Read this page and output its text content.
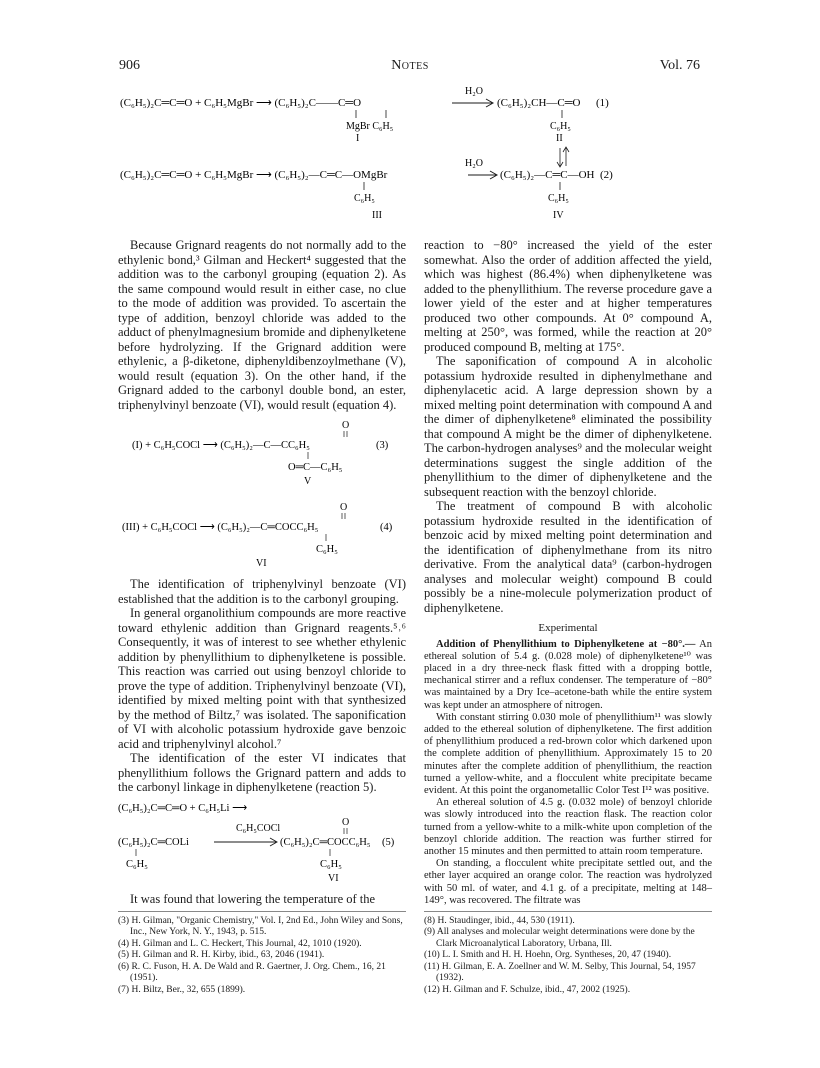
906	Notes	Vol. 76
(C₆H₅)₂C═C═O + C₆H₅MgBr ⟶ (C₆H₅)₂C——C═O
H₂O
(C₆H₅)₂CH—C═O (1)
MgBr C₆H₅
I
C₆H₅
II
H₂O
(C₆H₅)₂C═C═O + C₆H₅MgBr ⟶ (C₆H₅)₂—C═C—OMgBr	(C₆H₅)₂—C═C—OH (2)
C₆H₅
III
C₆H₅
IV

Because Grignard reagents do not normally add to the ethylenic bond,³ Gilman and Heckert⁴ suggested that the addition was to the carbonyl grouping (equation 2). As the same compound would result in either case, no clue to the mode of addition was provided. To ascertain the type of addition, benzoyl chloride was added to the adduct of phenylmagnesium bromide and diphenylketene before hydrolyzing. If the Grignard addition were ethylenic, a β-diketone, diphenyldibenzoylmethane (V), would result (equation 3). On the other hand, if the Grignard added to the carbonyl double bond, an ester, triphenylvinyl benzoate (VI), would result (equation 4).

O
(I) + C₆H₅COCl ⟶ (C₆H₅)₂—C—CC₆H₅	(3)
O═C—C₆H₅
V
O
(III) + C₆H₅COCl ⟶ (C₆H₅)₂—C═COCC₆H₅	(4)
C₆H₅
VI

The identification of triphenylvinyl benzoate (VI) established that the addition is to the carbonyl grouping.

In general organolithium compounds are more reactive toward ethylenic addition than Grignard reagents.⁵˒⁶ Consequently, it was of interest to see whether ethylenic addition by phenyllithium to diphenylketene is possible. This reaction was carried out using benzoyl chloride to prove the type of addition. Triphenylvinyl benzoate (VI), identified by mixed melting point with that synthesized by the method of Biltz,⁷ was isolated. The saponification of VI with alcoholic potassium hydroxide gave benzoic acid and triphenylvinyl alcohol.⁷

The identification of the ester VI indicates that phenyllithium follows the Grignard pattern and adds to the carbonyl linkage in diphenylketene (reaction 5).

(C₆H₅)₂C═C═O + C₆H₅Li ⟶
O
C₆H₅COCl
(C₆H₅)₂C═COLi	(C₆H₅)₂C═COCC₆H₅ (5)
C₆H₅	C₆H₅
VI

It was found that lowering the temperature of the

(3) H. Gilman, "Organic Chemistry," Vol. I, 2nd Ed., John Wiley and Sons, Inc., New York, N. Y., 1943, p. 515.

(4) H. Gilman and L. C. Heckert, This Journal, 42, 1010 (1920).

(5) H. Gilman and R. H. Kirby, ibid., 63, 2046 (1941).

(6) R. C. Fuson, H. A. De Wald and R. Gaertner, J. Org. Chem., 16, 21 (1951).

(7) H. Biltz, Ber., 32, 655 (1899).

reaction to −80° increased the yield of the ester somewhat. Also the order of addition affected the yield, which was highest (86.4%) when diphenylketene was added to the phenyllithium. The reverse procedure gave a lower yield of the ester and at higher temperatures produced two other compounds. At 0° compound A, melting at 250°, was formed, while the reaction at 20° produced compound B, melting at 175°.

The saponification of compound A in alcoholic potassium hydroxide resulted in diphenylmethane and diphenylacetic acid. A large depression shown by a mixed melting point determination with compound A and the dimer of diphenylketene⁸ eliminated the possibility that compound A might be the dimer of diphenylketene. The carbon-hydrogen analyses⁹ and the molecular weight determinations suggest the single addition of the phenyllithium to the dimer of diphenylketene and the subsequent reaction with the benzoyl chloride.

The treatment of compound B with alcoholic potassium hydroxide resulted in the identification of benzoic acid by mixed melting point determination and the identification of diphenylmethane from its nitro derivative. From the analytical data⁹ (carbon-hydrogen analyses and molecular weight) compound B could possibly be a nine-molecule polymerization product of diphenylketene.

Experimental

Addition of Phenyllithium to Diphenylketene at −80°.— An ethereal solution of 5.4 g. (0.028 mole) of diphenylketene¹⁰ was placed in a dry three-neck flask fitted with a dropping bottle, mechanical stirrer and a reflux condenser. The temperature of −80° was maintained by a Dry Ice–acetone-bath while the entire system was kept under an atmosphere of nitrogen.

With constant stirring 0.030 mole of phenyllithium¹¹ was slowly added to the ethereal solution of diphenylketene. The first addition of phenyllithium produced a red-brown color which darkened upon the complete addition of phenyllithium. Approximately 15 to 20 minutes after the complete addition of phenyllithium, the reaction turned a yellow-white, and a flocculent white precipitate became evident. At this point the organometallic Color Test I¹² was positive.

An ethereal solution of 4.5 g. (0.032 mole) of benzoyl chloride was slowly introduced into the reaction flask. The reaction color turned from a yellow-white to a milk-white upon completion of the benzoyl chloride addition. The reaction was further stirred for another 15 minutes and then permitted to attain room temperature.

On standing, a flocculent white precipitate settled out, and the ether layer acquired an orange color. The reaction was hydrolyzed with 50 ml. of water, and 4.1 g. of a precipitate, melting at 148–149°, was recovered. The filtrate was

(8) H. Staudinger, ibid., 44, 530 (1911).

(9) All analyses and molecular weight determinations were done by the Clark Microanalytical Laboratory, Urbana, Ill.

(10) L. I. Smith and H. H. Hoehn, Org. Syntheses, 20, 47 (1940).

(11) H. Gilman, E. A. Zoellner and W. M. Selby, This Journal, 54, 1957 (1932).

(12) H. Gilman and F. Schulze, ibid., 47, 2002 (1925).
